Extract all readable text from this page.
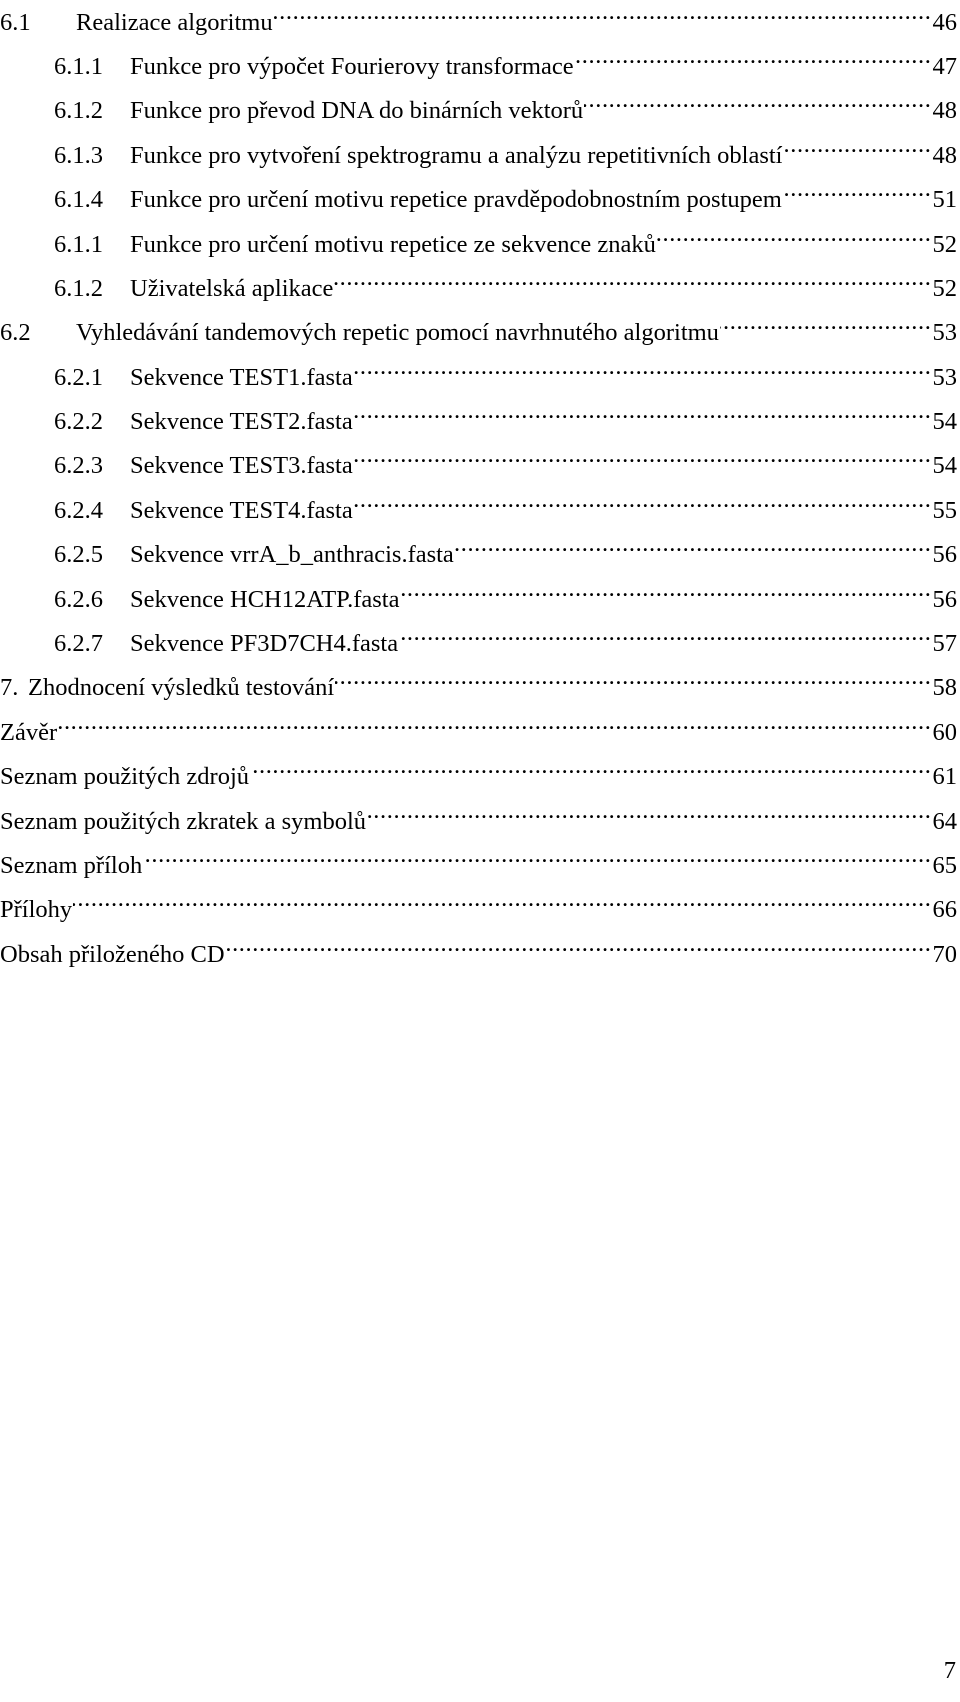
6.1	Realizace algoritmu .....	46
6.1.1	Funkce pro výpočet Fourierovy transformace .....	47
6.1.2	Funkce pro převod DNA do binárních vektorů .....	48
6.1.3	Funkce pro vytvoření spektrogramu a analýzu repetitivních oblastí .....	48
6.1.4	Funkce pro určení motivu repetice pravděpodobnostním postupem .....	51
6.1.1	Funkce pro určení motivu repetice ze sekvence znaků .....	52
6.1.2	Uživatelská aplikace .....	52
6.2	Vyhledávání tandemových repetic pomocí navrhnutého algoritmu .....	53
6.2.1	Sekvence TEST1.fasta .....	53
6.2.2	Sekvence TEST2.fasta .....	54
6.2.3	Sekvence TEST3.fasta .....	54
6.2.4	Sekvence TEST4.fasta .....	55
6.2.5	Sekvence vrrA_b_anthracis.fasta .....	56
6.2.6	Sekvence HCH12ATP.fasta .....	56
6.2.7	Sekvence PF3D7CH4.fasta .....	57
7. Zhodnocení výsledků testování .....	58
Závěr .....	60
Seznam použitých zdrojů .....	61
Seznam použitých zkratek a symbolů .....	64
Seznam příloh .....	65
Přílohy .....	66
Obsah přiloženého CD .....	70
7
